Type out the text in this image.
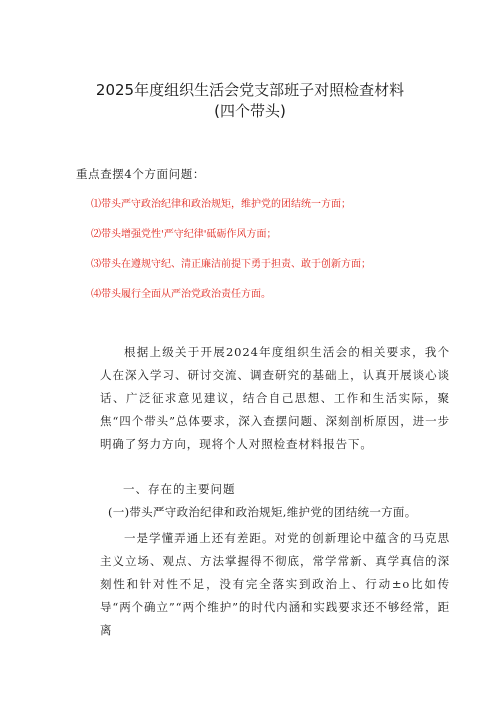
2025年度组织生活会党支部班子对照检查材料
(四个带头)
重点查摆4个方面问题：
⑴带头严守政治纪律和政治规矩，维护党的团结统一方面；
⑵带头增强党性'严守纪律'砥砺作风方面；
⑶带头在遵规守纪、清正廉洁前提下勇于担责、敢于创新方面；
⑷带头履行全面从严治党政治责任方面。

根据上级关于开展2024年度组织生活会的相关要求，我个人在深入学习、研讨交流、调查研究的基础上，认真开展谈心谈话、广泛征求意见建议，结合自己思想、工作和生活实际，聚焦“四个带头”总体要求，深入查摆问题、深刻剖析原因，进一步明确了努力方向，现将个人对照检查材料报告下。

一、存在的主要问题
(一)带头严守政治纪律和政治规矩,维护党的团结统一方面。

一是学懂弄通上还有差距。对党的创新理论中蕴含的马克思主义立场、观点、方法掌握得不彻底，常学常新、真学真信的深刻性和针对性不足，没有完全落实到政治上、行动±o比如传导“两个确立”“两个维护”的时代内涵和实践要求还不够经常，距离
